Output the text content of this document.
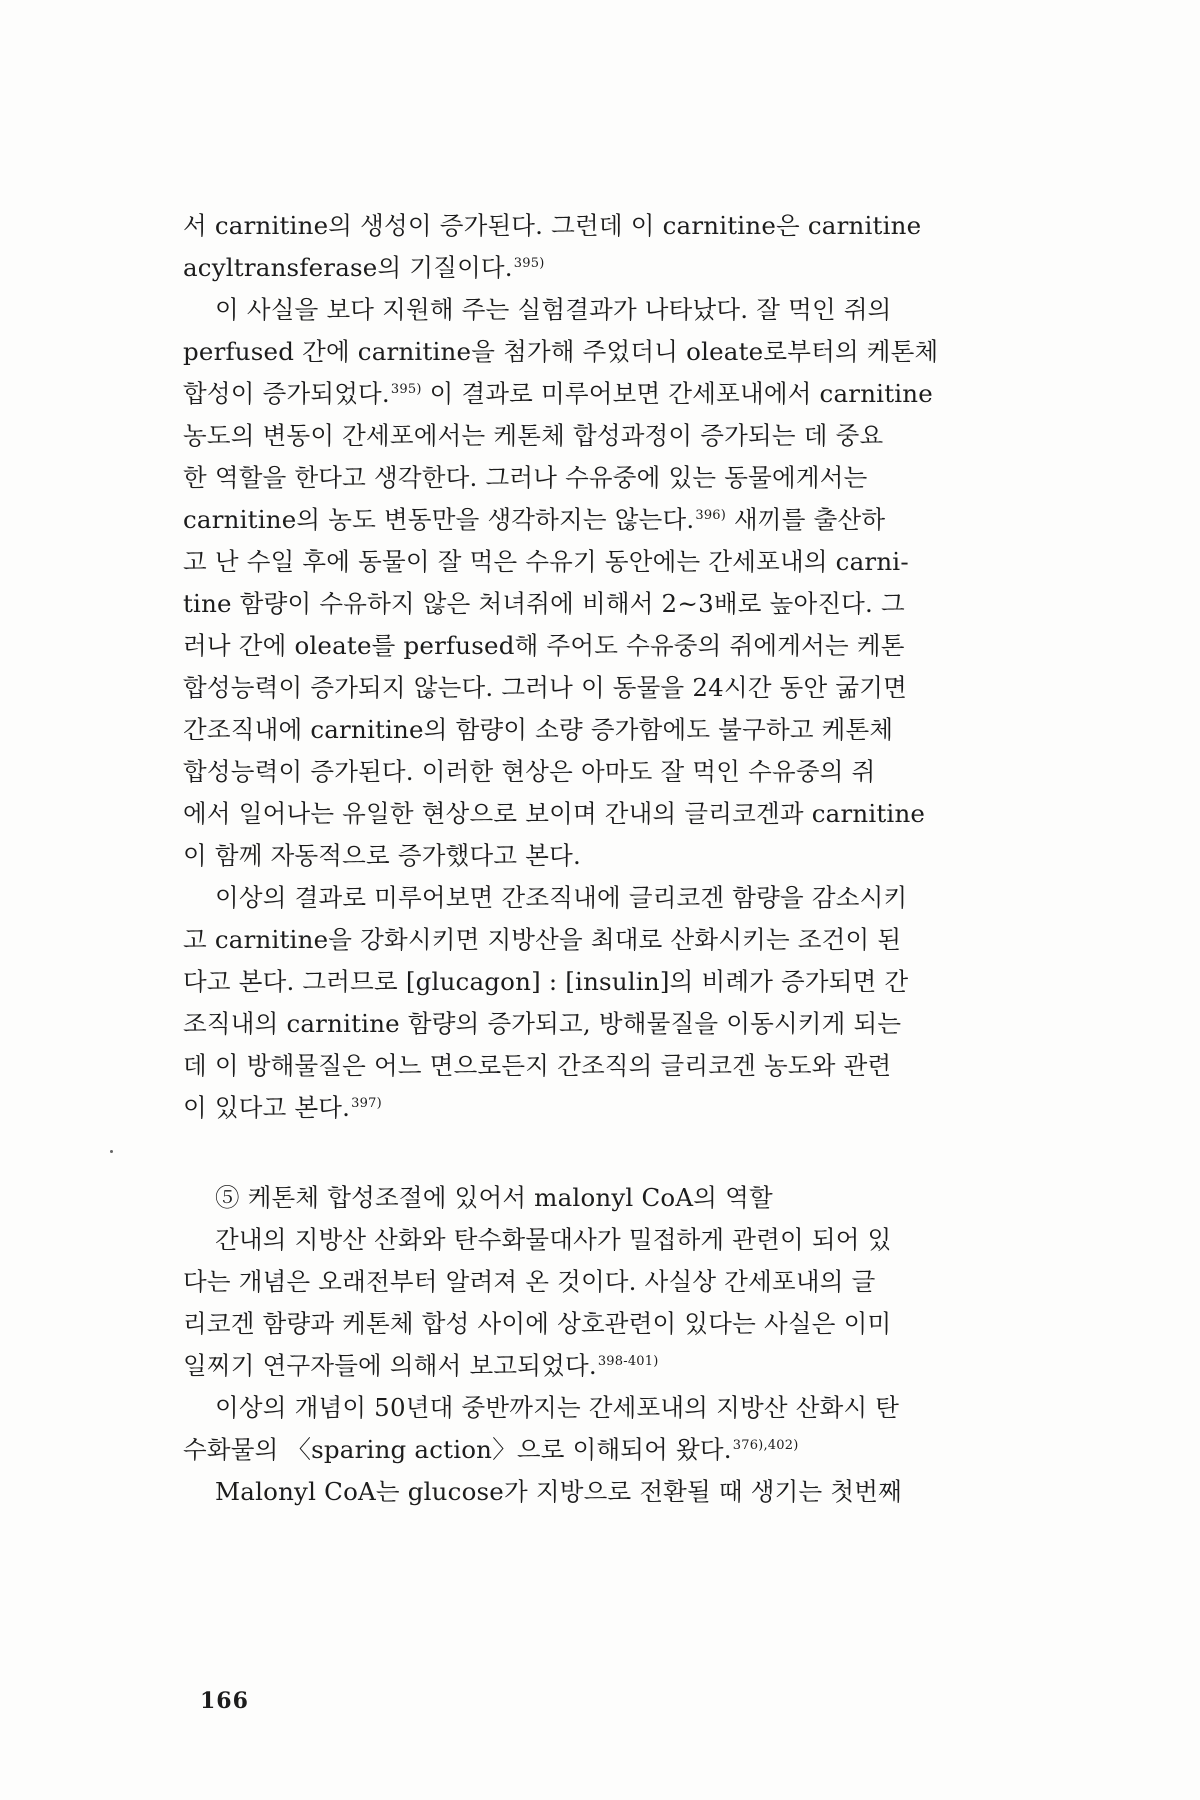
서 carnitine의 생성이 증가된다. 그런데 이 carnitine은 carnitine
acyltransferase의 기질이다.$^{395)}$
이 사실을 보다 지원해 주는 실험결과가 나타났다. 잘 먹인 쥐의
perfused 간에 carnitine을 첨가해 주었더니 oleate로부터의 케톤체
합성이 증가되었다.$^{395)}$ 이 결과로 미루어보면 간세포내에서 carnitine
농도의 변동이 간세포에서는 케톤체 합성과정이 증가되는 데 중요
한 역할을 한다고 생각한다. 그러나 수유중에 있는 동물에게서는
carnitine의 농도 변동만을 생각하지는 않는다.$^{396)}$ 새끼를 출산하
고 난 수일 후에 동물이 잘 먹은 수유기 동안에는 간세포내의 carni-
tine 함량이 수유하지 않은 처녀쥐에 비해서 2~3배로 높아진다. 그
러나 간에 oleate를 perfused해 주어도 수유중의 쥐에게서는 케톤
합성능력이 증가되지 않는다. 그러나 이 동물을 24시간 동안 굶기면
간조직내에 carnitine의 함량이 소량 증가함에도 불구하고 케톤체
합성능력이 증가된다. 이러한 현상은 아마도 잘 먹인 수유중의 쥐
에서 일어나는 유일한 현상으로 보이며 간내의 글리코겐과 carnitine
이 함께 자동적으로 증가했다고 본다.
이상의 결과로 미루어보면 간조직내에 글리코겐 함량을 감소시키
고 carnitine을 강화시키면 지방산을 최대로 산화시키는 조건이 된
다고 본다. 그러므로 [glucagon] : [insulin]의 비례가 증가되면 간
조직내의 carnitine 함량의 증가되고, 방해물질을 이동시키게 되는
데 이 방해물질은 어느 면으로든지 간조직의 글리코겐 농도와 관련
이 있다고 본다.$^{397)}$
⑤ 케톤체 합성조절에 있어서 malonyl CoA의 역할
간내의 지방산 산화와 탄수화물대사가 밀접하게 관련이 되어 있
다는 개념은 오래전부터 알려져 온 것이다. 사실상 간세포내의 글
리코겐 함량과 케톤체 합성 사이에 상호관련이 있다는 사실은 이미
일찌기 연구자들에 의해서 보고되었다.$^{398-401)}$
이상의 개념이 50년대 중반까지는 간세포내의 지방산 산화시 탄
수화물의 〈sparing action〉으로 이해되어 왔다.$^{376),402)}$
Malonyl CoA는 glucose가 지방으로 전환될 때 생기는 첫번째
166
